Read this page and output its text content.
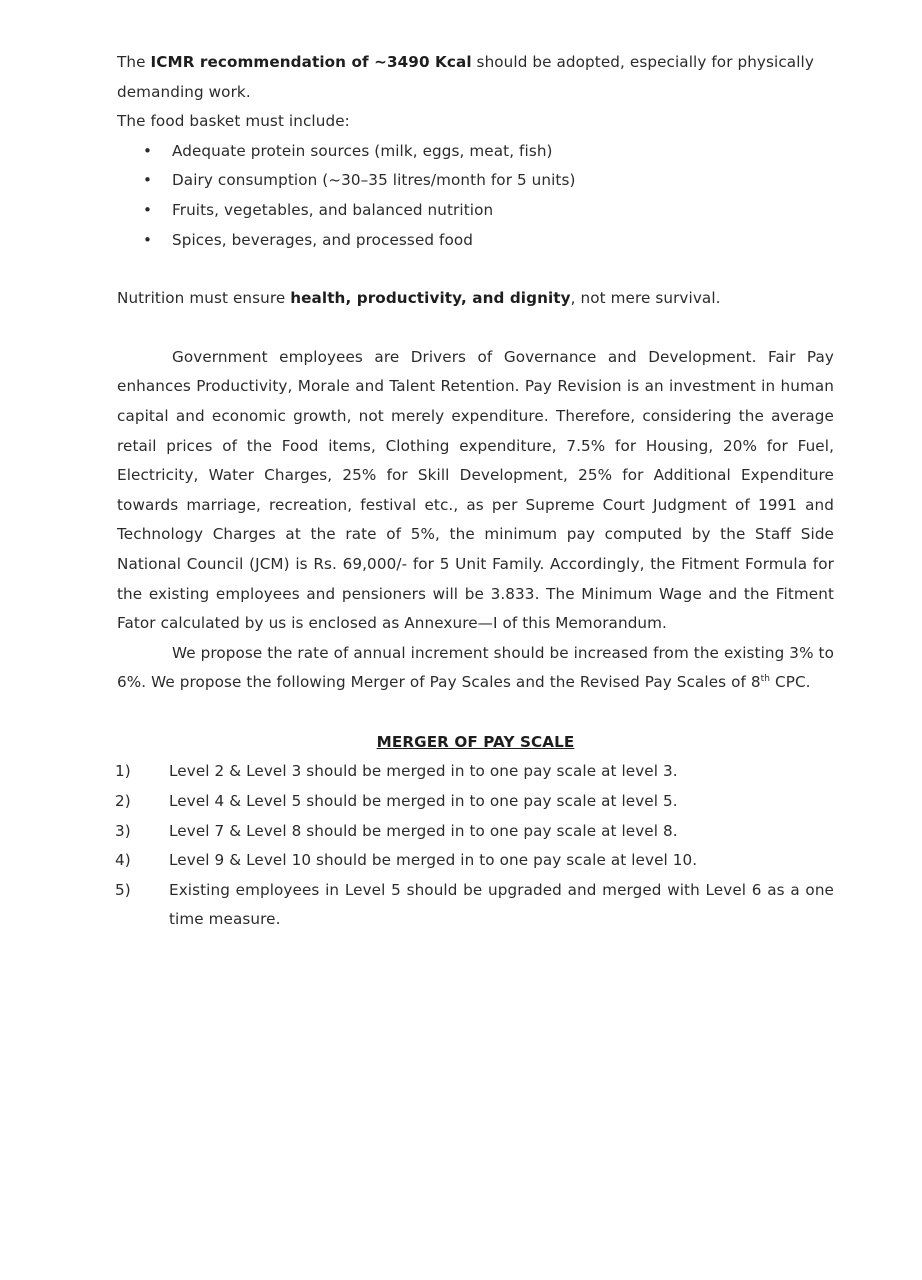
The ICMR recommendation of ~3490 Kcal should be adopted, especially for physically demanding work.

The food basket must include:

• Adequate protein sources (milk, eggs, meat, fish)
• Dairy consumption (~30–35 litres/month for 5 units)
• Fruits, vegetables, and balanced nutrition
• Spices, beverages, and processed food

Nutrition must ensure health, productivity, and dignity, not mere survival.

Government employees are Drivers of Governance and Development. Fair Pay enhances Productivity, Morale and Talent Retention. Pay Revision is an investment in human capital and economic growth, not merely expenditure. Therefore, considering the average retail prices of the Food items, Clothing expenditure, 7.5% for Housing, 20% for Fuel, Electricity, Water Charges, 25% for Skill Development, 25% for Additional Expenditure towards marriage, recreation, festival etc., as per Supreme Court Judgment of 1991 and Technology Charges at the rate of 5%, the minimum pay computed by the Staff Side National Council (JCM) is Rs. 69,000/- for 5 Unit Family. Accordingly, the Fitment Formula for the existing employees and pensioners will be 3.833. The Minimum Wage and the Fitment Fator calculated by us is enclosed as Annexure—I of this Memorandum.

We propose the rate of annual increment should be increased from the existing 3% to 6%. We propose the following Merger of Pay Scales and the Revised Pay Scales of 8th CPC.

MERGER OF PAY SCALE

1)	Level 2 & Level 3 should be merged in to one pay scale at level 3.
2)	Level 4 & Level 5 should be merged in to one pay scale at level 5.
3)	Level 7 & Level 8 should be merged in to one pay scale at level 8.
4)	Level 9 & Level 10 should be merged in to one pay scale at level 10.
5)	Existing employees in Level 5 should be upgraded and merged with Level 6 as a one time measure.
